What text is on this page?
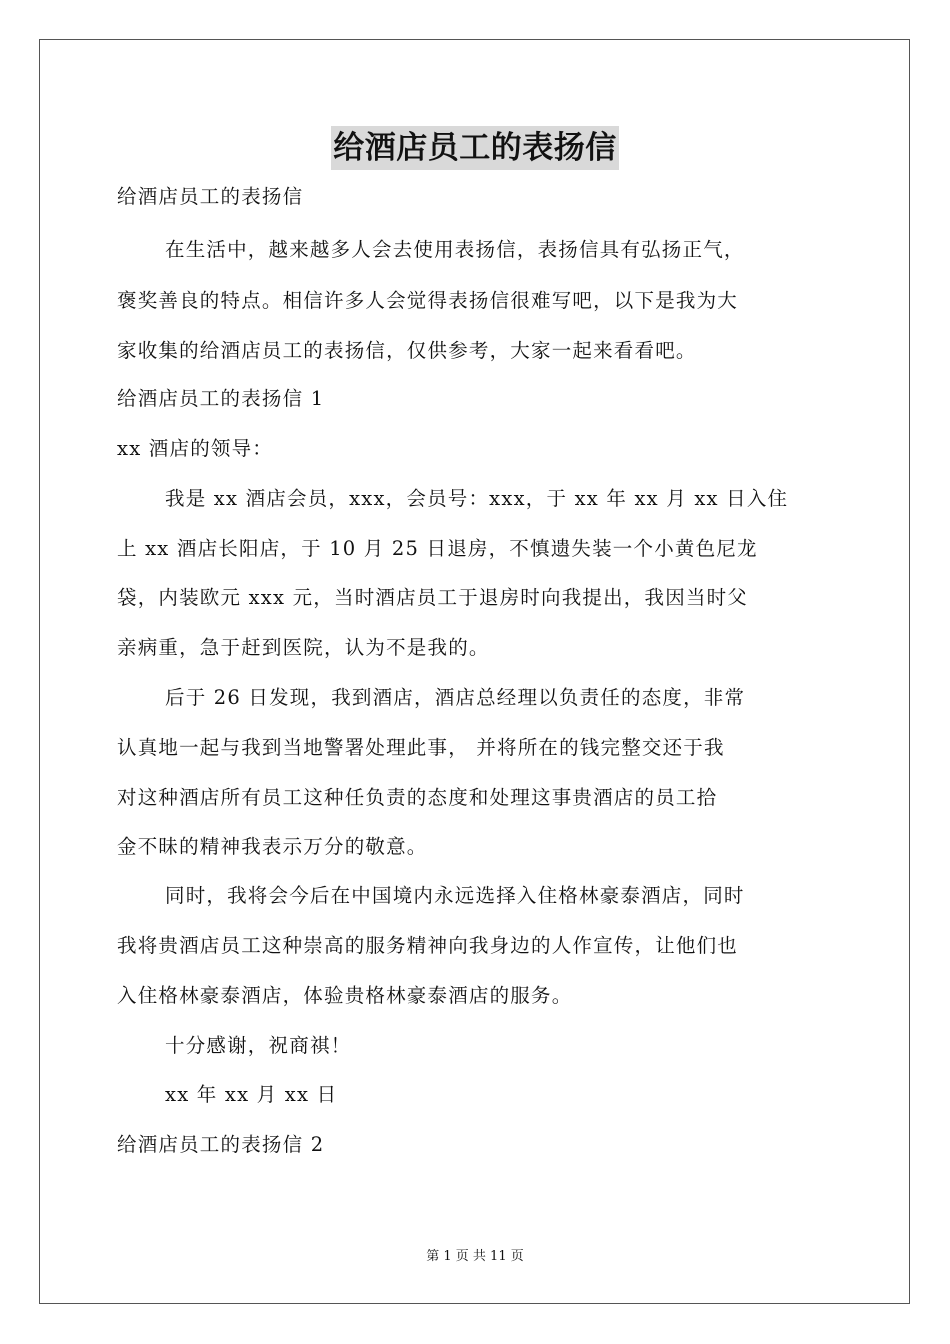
给酒店员工的表扬信
给酒店员工的表扬信
在生活中，越来越多人会去使用表扬信，表扬信具有弘扬正气，
褒奖善良的特点。相信许多人会觉得表扬信很难写吧，以下是我为大
家收集的给酒店员工的表扬信，仅供参考，大家一起来看看吧。
给酒店员工的表扬信 1
xx 酒店的领导：
我是 xx 酒店会员，xxx，会员号：xxx，于 xx 年 xx 月 xx 日入住
上 xx 酒店长阳店，于 10 月 25 日退房，不慎遗失装一个小黄色尼龙
袋，内装欧元 xxx 元，当时酒店员工于退房时向我提出，我因当时父
亲病重，急于赶到医院，认为不是我的。
后于 26 日发现，我到酒店，酒店总经理以负责任的态度，非常
认真地一起与我到当地警署处理此事， 并将所在的钱完整交还于我
对这种酒店所有员工这种任负责的态度和处理这事贵酒店的员工拾
金不昧的精神我表示万分的敬意。
同时，我将会今后在中国境内永远选择入住格林豪泰酒店，同时
我将贵酒店员工这种崇高的服务精神向我身边的人作宣传，让他们也
入住格林豪泰酒店，体验贵格林豪泰酒店的服务。
十分感谢，祝商祺！
xx 年 xx 月 xx 日
给酒店员工的表扬信 2
第 1 页 共 11 页
